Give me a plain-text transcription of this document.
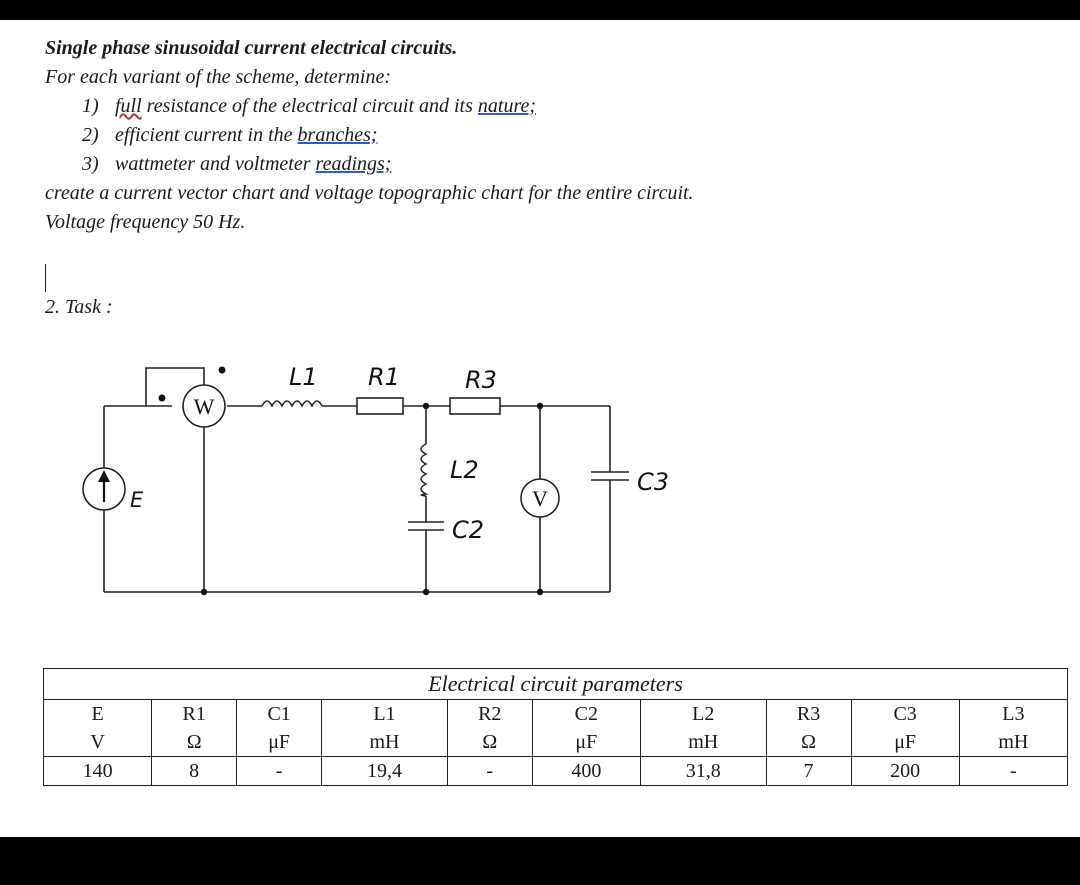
Single phase sinusoidal current electrical circuits.
For each variant of the scheme, determine:
1) full resistance of the electrical circuit and its nature;
2) efficient current in the branches;
3) wattmeter and voltmeter readings;
create a current vector chart and voltage topographic chart for the entire circuit.
Voltage frequency 50 Hz.
2. Task :
E
W
L1 R1	R3
L2
C2
V
C3
Electrical circuit parameters									
E	R1	C1	L1	R2	C2	L2	R3	C3	L3
V	Ω	μF	mH	Ω	μF	mH	Ω	μF	mH
140	8	-	19,4	-	400	31,8	7	200	-
